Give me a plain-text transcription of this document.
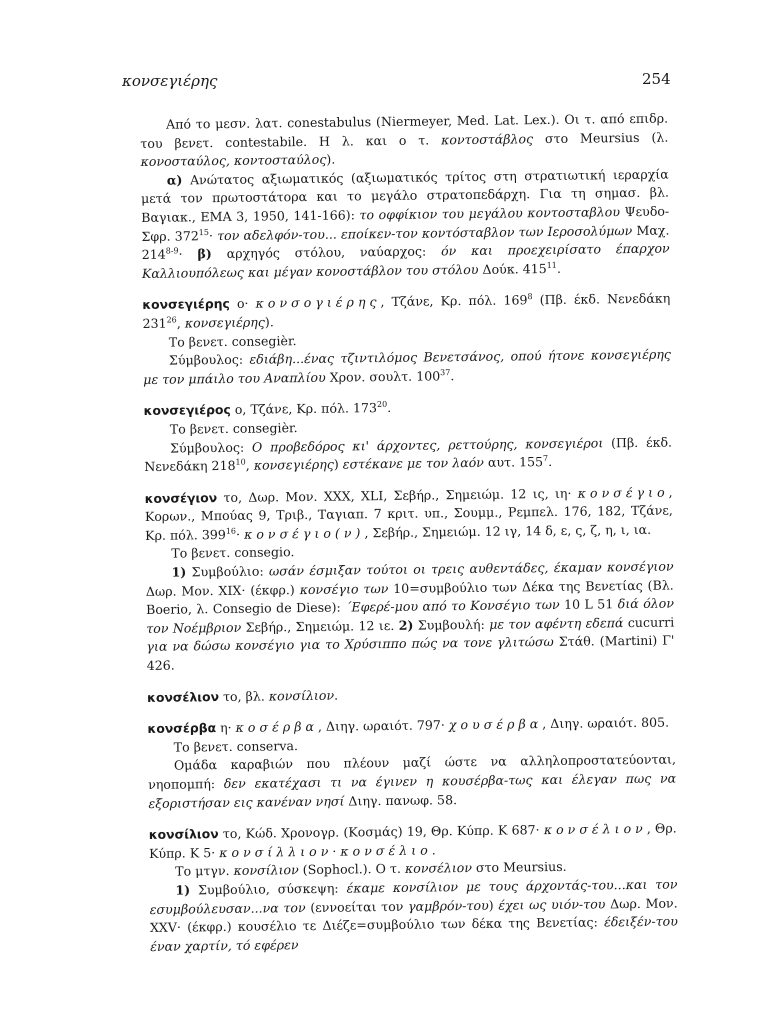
κονσεγιέρης	254

Από το μεσν. λατ. conestabulus (Niermeyer, Med. Lat. Lex.). Οι τ. από επιδρ. του βενετ. contestabile. Η λ. και ο τ. κοντοστάβλος στο Meursius (λ. κονοσταύλος, κοντοσταύλος).

α) Ανώτατος αξιωματικός (αξιωματικός τρίτος στη στρατιωτική ιεραρχία μετά τον πρωτοστάτορα και το μεγάλο στρατοπεδάρχη. Για τη σημασ. βλ. Βαγιακ., ΕΜΑ 3, 1950, 141-166): το οφφίκιον του μεγάλου κοντοσταβλου Ψευδο-Σφρ. $372^{15}\cdot \tau o\nu$ αδελφόν-του... εποίκεν-τον κοντόσταβλον των Ιεροσολύμων Μαχ. $214^{8-9}\cdot \beta$) αρχηγός στόλου, ναύαρχος: όν και προεχειρίσατο έπαρχον Καλλιουπόλεως και μέγαν κονοστάβλον του στόλου Δούκ. $415^{11}$.

κονσεγιέρης ο· κονσογιέρης, Τζάνε, Κρ. πόλ. $169^8$ (Πβ. έκδ. Νενεδάκη $231^{26}$, κονσεγιέρης).

Το βενετ. consegièr.

Σύμβουλος: εδιάβη...ένας τζιντιλόμος Βενετσάνος, οπού ήτονε κονσεγιέρης με τον μπάιλο του Αναπλίου Χρον. σουλτ. $100^{37}$.

κονσεγιέρος ο, Τζάνε, Κρ. πόλ. $173^{20}$.

Το βενετ. consegièr.

Σύμβουλος: Ο προβεδόρος κι' άρχοντες, ρεττούρης, κονσεγιέροι (Πβ. έκδ. Νενεδάκη $218^{10}$, κονσεγιέρης) εστέκανε με τον λαόν αυτ. $155^7$.

κονσέγιον το, Δωρ. Μον. XXX, XLI, Σεβήρ., Σημειώμ. 12 ις, ιη· κονσέγιο, Κορων., Μπούας 9, Τριβ., Ταγιαπ. 7 κριτ. υπ., Σουμμ., Ρεμπελ. 176, 182, Τζάνε, Κρ. πόλ. $399^{16}\cdot \kappa o\nu\sigma έ\gamma\iota o(\nu)$, Σεβήρ., Σημειώμ. 12 ιγ, 14 δ, ε, ς, ζ, η, ι, ια.

Το βενετ. consegio.

1) Συμβούλιο: ωσάν έσμιξαν τούτοι οι τρεις αυθεντάδες, έκαμαν κονσέγιον Δωρ. Μον. XIX· (έκφρ.) κονσέγιο των 10=συμβούλιο των Δέκα της Βενετίας (Βλ. Boerio, λ. Consegio de Diese): ΄Εφερέ-μου από το Κονσέγιο των 10 L 51 διά όλον τον Νοέμβριον Σεβήρ., Σημειώμ. 12 ιε. 2) Συμβουλή: με τον αφέντη εδεπά cucurri για να δώσω κονσέγιο για το Χρύσιππο πώς να τονε γλιτώσω Στάθ. (Martini) Γ' 426.

κονσέλιον το, βλ. κονσίλιον.

κονσέρβα η· κοσέρβα, Διηγ. ωραιότ. 797· χουσέρβα, Διηγ. ωραιότ. 805.

Το βενετ. conserva.

Ομάδα καραβιών που πλέουν μαζί ώστε να αλληλοπροστατεύονται, νηοπομπή: δεν εκατέχασι τι να έγινεν η κουσέρβα-τως και έλεγαν πως να εξοριστήσαν εις κανέναν νησί Διηγ. πανωφ. 58.

κονσίλιον το, Κώδ. Χρονογρ. (Κοσμάς) 19, Θρ. Κύπρ. Κ 687· κονσέλιον, Θρ. Κύπρ. Κ 5· κονσίλλιον· κονσέλιο.

Το μτγν. κονσίλιον (Sophocl.). Ο τ. κονσέλιον στο Meursius.

1) Συμβούλιο, σύσκεψη: έκαμε κονσίλιον με τους άρχοντάς-του...και τον εσυμβούλευσαν...να τον (εννοείται τον γαμβρόν-του) έχει ως υιόν-του Δωρ. Μον. XXV· (έκφρ.) κουσέλιο τε Διέζε=συμβούλιο των δέκα της Βενετίας: έδειξέν-του έναν χαρτίν, τό εφέρεν
